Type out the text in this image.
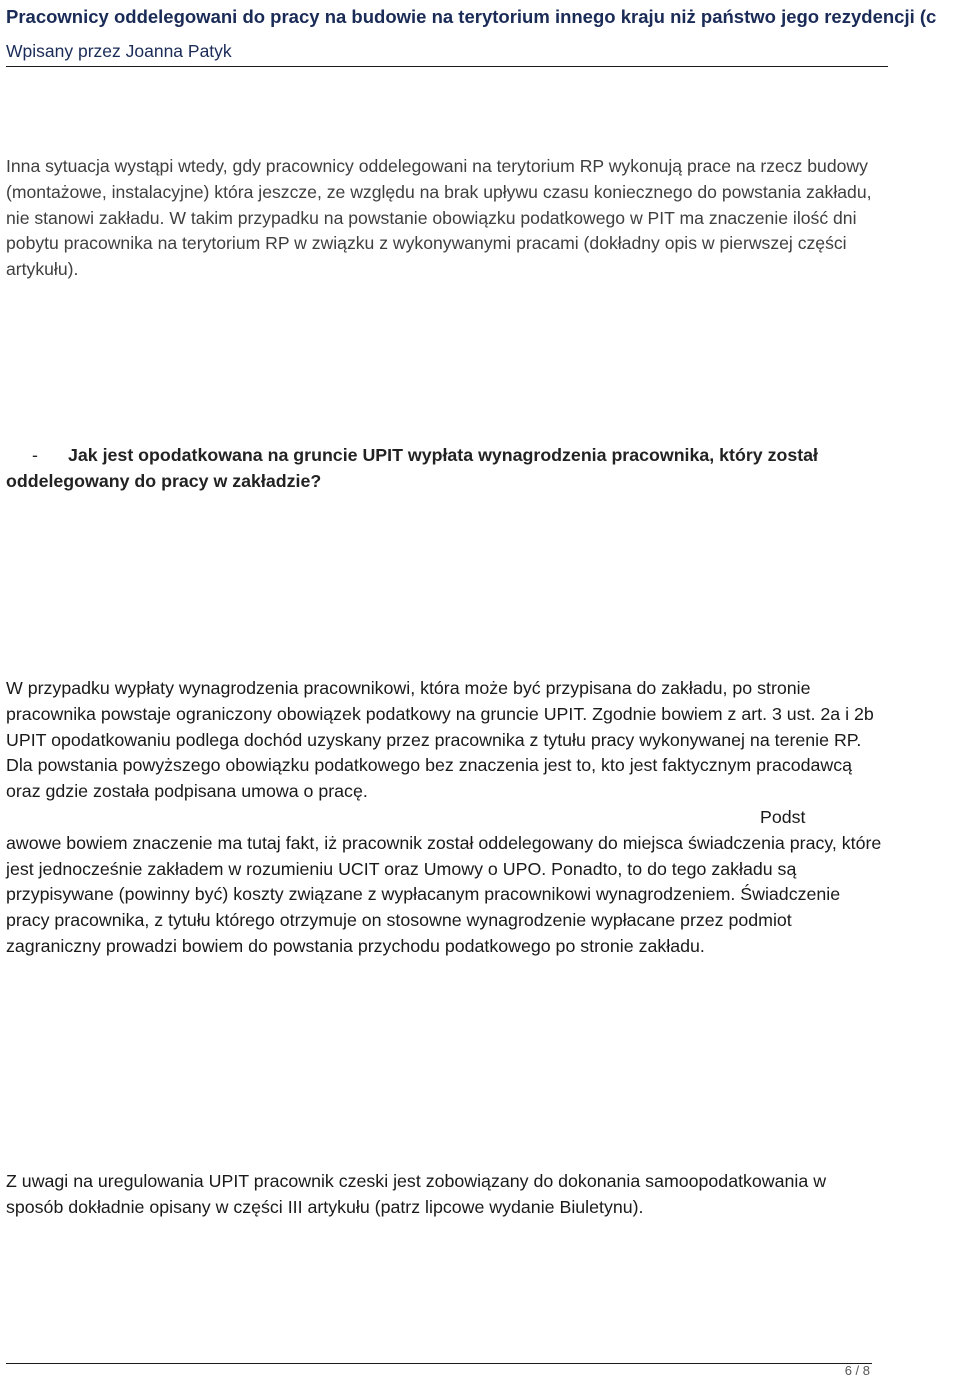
Pracownicy oddelegowani do pracy na budowie na terytorium innego kraju niż państwo jego rezydencji (c
Wpisany przez Joanna Patyk

Inna sytuacja wystąpi wtedy, gdy pracownicy oddelegowani na terytorium RP wykonują prace na rzecz budowy (montażowe, instalacyjne) która jeszcze, ze względu na brak upływu czasu koniecznego do powstania zakładu, nie stanowi zakładu. W takim przypadku na powstanie obowiązku podatkowego w PIT ma znaczenie ilość dni pobytu pracownika na terytorium RP w związku z wykonywanymi pracami (dokładny opis w pierwszej części artykułu).

- Jak jest opodatkowana na gruncie UPIT wypłata wynagrodzenia pracownika, który został oddelegowany do pracy w zakładzie?

W przypadku wypłaty wynagrodzenia pracownikowi, która może być przypisana do zakładu, po stronie pracownika powstaje ograniczony obowiązek podatkowy na gruncie UPIT. Zgodnie bowiem z art. 3 ust. 2a i 2b UPIT opodatkowaniu podlega dochód uzyskany przez pracownika z tytułu pracy wykonywanej na terenie RP. Dla powstania powyższego obowiązku podatkowego bez znaczenia jest to, kto jest faktycznym pracodawcą oraz gdzie została podpisana umowa o pracę.Podst
awowe bowiem znaczenie ma tutaj fakt, iż pracownik został oddelegowany do miejsca świadczenia pracy, które jest jednocześnie zakładem w rozumieniu UCIT oraz Umowy o UPO. Ponadto, to do tego zakładu są przypisywane (powinny być) koszty związane z wypłacanym pracownikowi wynagrodzeniem. Świadczenie pracy pracownika, z tytułu którego otrzymuje on stosowne wynagrodzenie wypłacane przez podmiot zagraniczny prowadzi bowiem do powstania przychodu podatkowego po stronie zakładu.

Z uwagi na uregulowania UPIT pracownik czeski jest zobowiązany do dokonania samoopodatkowania w sposób dokładnie opisany w części III artykułu (patrz lipcowe wydanie Biuletynu).

6 / 8
